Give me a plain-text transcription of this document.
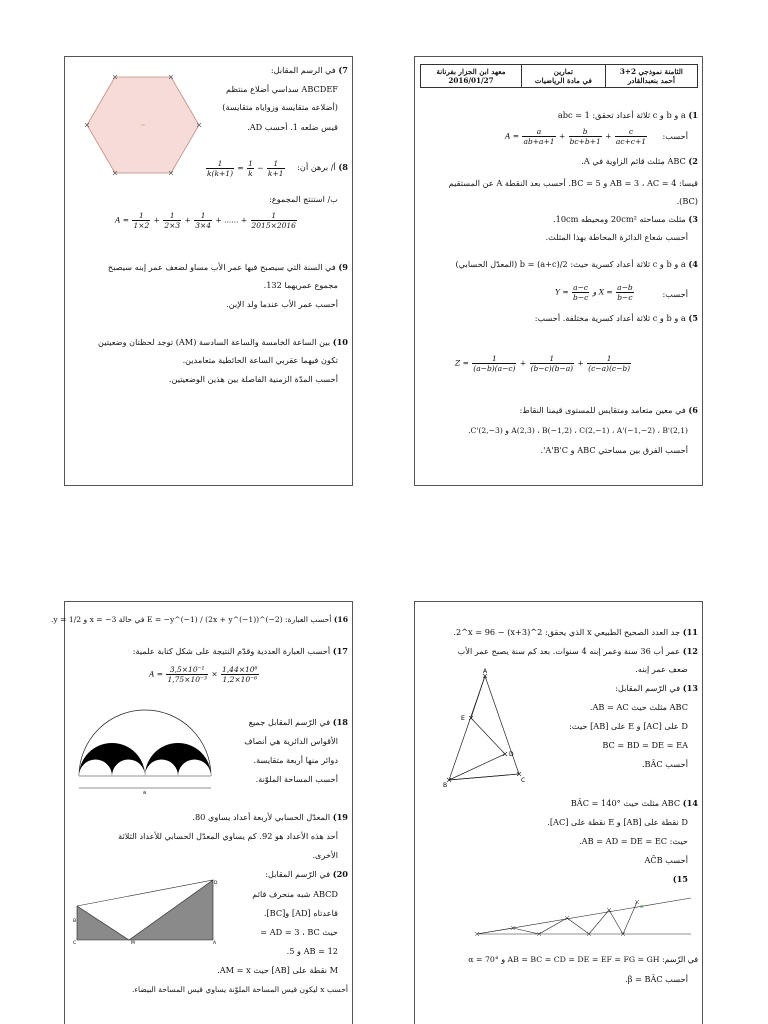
الثامنة نموذجي 2+3
أحمد بنعبدالقادر

تمارين
في مادة الرياضيات

معهد ابن الجزار بفرنانة
2016/01/27
1) a و b و c ثلاثة أعداد تحقق: abc = 1
أحسب:
$A = \frac{a}{ab+a+1} + \frac{b}{bc+b+1} + \frac{c}{ac+c+1}$
2) ABC مثلث قائم الزاوية في A.
قيسا: AB = 3 ، AC = 4 و BC = 5. أحسب بعد النقطة A عن المستقيم
(BC).
3) مثلث مساحته 20cm² ومحيطه 10cm.
أحسب شعاع الدائرة المحاطة بهذا المثلث.
4) a و b و c ثلاثة أعداد كسرية حيث: b = (a+c)/2 (المعدّل الحسابي)
أحسب:
$Y = \frac{a-c}{b-c}$ و $X = \frac{a-b}{b-c}$
5) a و b و c ثلاثة أعداد كسرية مختلفة. أحسب:
$Z = \frac{1}{(a-b)(a-c)} + \frac{1}{(b-c)(b-a)} + \frac{1}{(c-a)(c-b)}$
6) في معين متعامد ومتقايس للمستوى قيمنا النقاط:
A(2,3) ، B(−1,2) ، C(2,−1) ، A'(−1,−2) ، B'(2,1) و C'(2,−3).
أحسب الفرق بين مساحتي ABC و A'B'C'.
7) في الرسم المقابل:
ABCDEF سداسي أضلاع منتظم
(أضلاعه متقايسة وزواياه متقايسة)
قيس ضلعه 1. أحسب AD.
8) أ/ برهن أن:
$\frac{1}{k(k+1)} = \frac{1}{k} - \frac{1}{k+1}$
ب/ استنتج المجموع:
$A = \frac{1}{1\times 2} + \frac{1}{2\times 3} + \frac{1}{3\times 4}$ + ...... + $\frac{1}{2015\times 2016}$
9) في السنة التي سيصبح فيها عمر الأب مساو لضعف عمر إبنه سيصبح
مجموع عمريهما 132.
أحسب عمر الأب عندما ولد الإبن.
10) بين الساعة الخامسة والساعة السادسة (AM) توجد لحظتان وضعيتين
تكون فيهما عقربي الساعة الحائطية متعامدين.
أحسب المدّة الزمنية الفاصلة بين هذين الوضعيتين.
11) جد العدد الصحيح الطبيعي x الذي يحقق: 2^(x+3) − 2^x = 96.
12) عمر أب 36 سنة وعمر إبنه 4 سنوات. بعد كم سنة يصبح عمر الأب
ضعف عمر إبنه.
13) في الرّسم المقابل:
ABC مثلث حيث AB = AC.
D على [AC] و E على [AB] حيث:
BC = BD = DE = EA
أحسب BÂC.
A
E
D
B
C
14) ABC مثلث حيث BÂC = 140°
D نقطة على [AB] و E نقطة على [AC].
حيث: AB = AD = DE = EC.
أحسب AĈB
15)
α
في الرّسم: AB = BC = CD = DE = EF = FG = GH و α = 70°
أحسب β = BÂC.
16) أحسب العبارة: E = −y^(−1) / (2x + y^(−1))^(−2) في حالة x = −3 و y = 1/2.
17) أحسب العبارة العددية وقدّم النتيجة على شكل كتابة علمية:
$A = \frac{\text{3,5×10⁻¹}}{\text{1,75×10⁻³}} \times \frac{\text{1,44×10⁶}}{\text{1,2×10⁻⁶}}$
a
18) في الرّسم المقابل جميع
الأقواس الدائرية هي أنصاف
دوائر منها أربعة متقايسة.
أحسب المساحة الملوّنة.
19) المعدّل الحسابي لأربعة أعداد يساوي 80.
أحد هذه الأعداد هو 92. كم يساوي المعدّل الحسابي للأعداد الثلاثة
الأخرى.
20) في الرّسم المقابل:
ABCD شبه منحرف قائم
قاعدتاه [AD] و[BC].
حيث AD = 3 ، BC =
AB = 12 و 5.
M نقطة على [AB] حيث AM = x.
أحسب x ليكون قيس المساحة الملوّنة يساوي قيس المساحة البيضاء.
B
M	A
C
D
